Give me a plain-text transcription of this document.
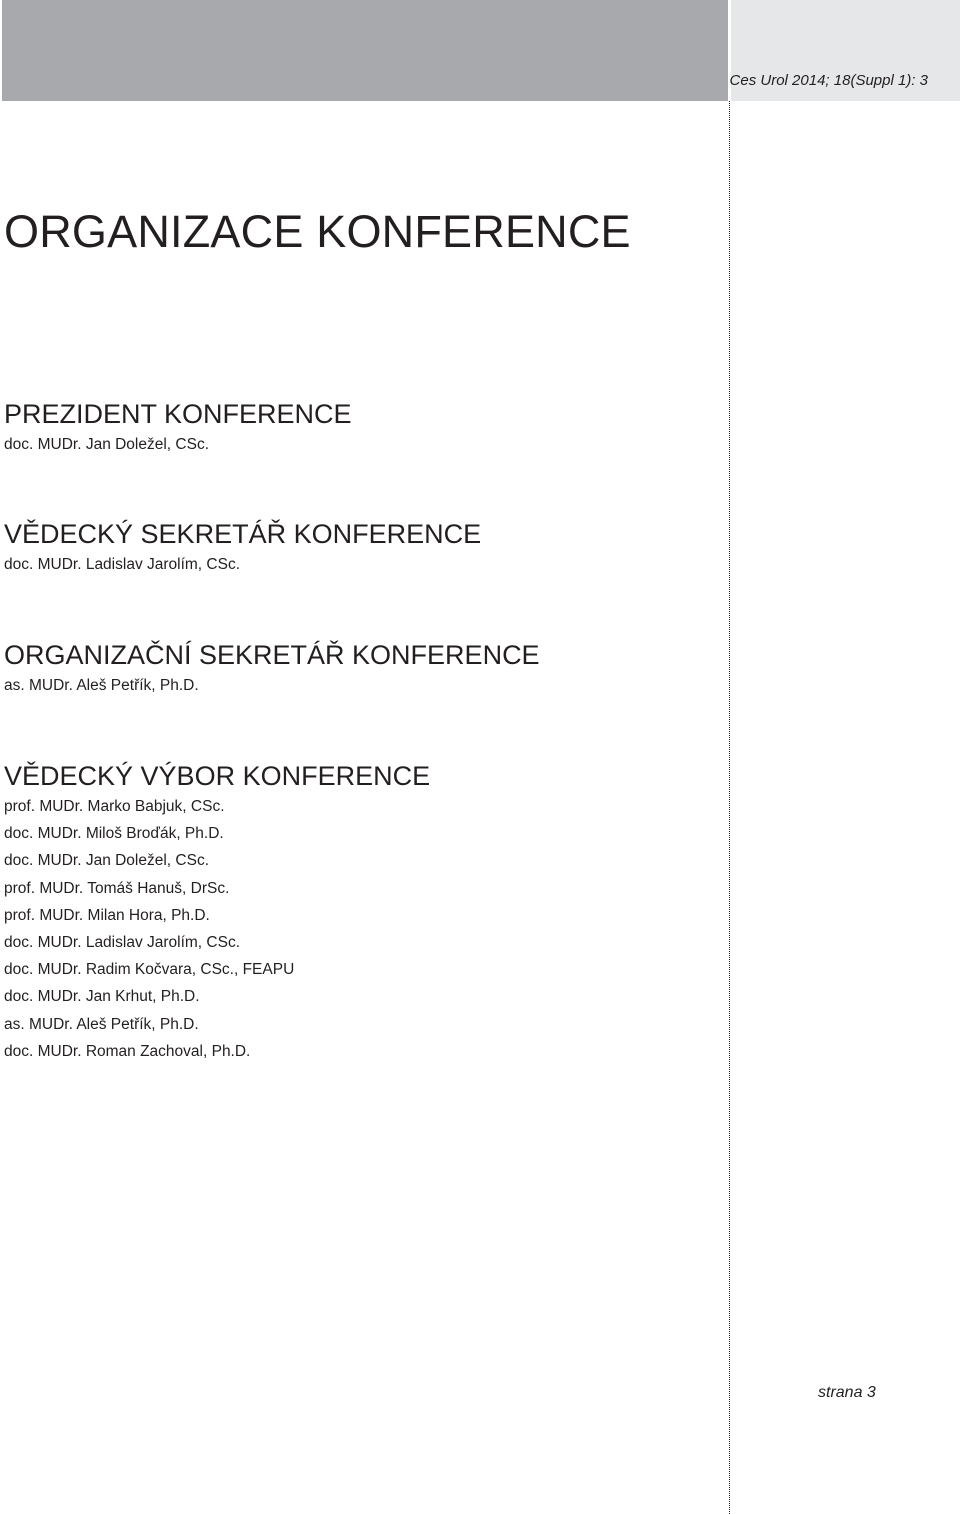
Ces Urol 2014; 18(Suppl 1): 3
ORGANIZACE KONFERENCE
PREZIDENT KONFERENCE
doc. MUDr. Jan Doležel, CSc.
VĚDECKÝ SEKRETÁŘ KONFERENCE
doc. MUDr. Ladislav Jarolím, CSc.
ORGANIZAČNÍ SEKRETÁŘ KONFERENCE
as. MUDr. Aleš Petřík, Ph.D.
VĚDECKÝ VÝBOR KONFERENCE
prof. MUDr. Marko Babjuk, CSc.
doc. MUDr. Miloš Broďák, Ph.D.
doc. MUDr. Jan Doležel, CSc.
prof. MUDr. Tomáš Hanuš, DrSc.
prof. MUDr. Milan Hora, Ph.D.
doc. MUDr. Ladislav Jarolím, CSc.
doc. MUDr. Radim Kočvara, CSc., FEAPU
doc. MUDr. Jan Krhut, Ph.D.
as. MUDr. Aleš Petřík, Ph.D.
doc. MUDr. Roman Zachoval, Ph.D.
strana 3
